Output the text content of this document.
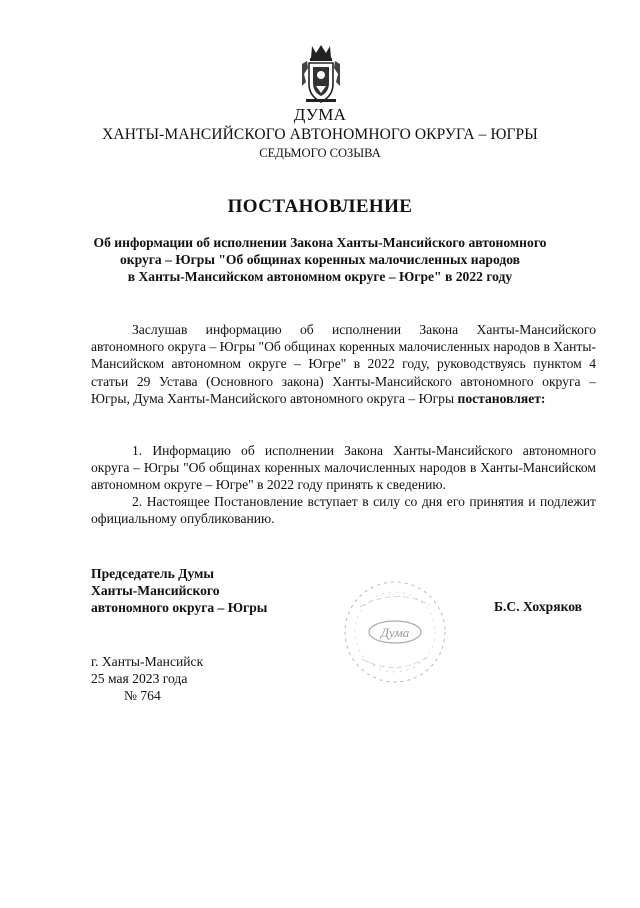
ДУМА
ХАНТЫ-МАНСИЙСКОГО АВТОНОМНОГО ОКРУГА – ЮГРЫ
СЕДЬМОГО СОЗЫВА
ПОСТАНОВЛЕНИЕ
Об информации об исполнении Закона Ханты-Мансийского автономного
округа – Югры "Об общинах коренных малочисленных народов
в Ханты-Мансийском автономном округе – Югре" в 2022 году
Заслушав информацию об исполнении Закона Ханты-Мансийского автономного округа – Югры "Об общинах коренных малочисленных народов в Ханты-Мансийском автономном округе – Югре" в 2022 году, руководствуясь пунктом 4 статьи 29 Устава (Основного закона) Ханты-Мансийского автономного округа – Югры, Дума Ханты-Мансийского автономного округа – Югры постановляет:
1. Информацию об исполнении Закона Ханты-Мансийского автономного округа – Югры "Об общинах коренных малочисленных народов в Ханты-Мансийском автономном округе – Югре" в 2022 году принять к сведению.
2. Настоящее Постановление вступает в силу со дня его принятия и подлежит официальному опубликованию.
Председатель Думы
Ханты-Мансийского
автономного округа – Югры
Дума
Б.С. Хохряков
г. Ханты-Мансийск
25 мая 2023 года
№ 764
